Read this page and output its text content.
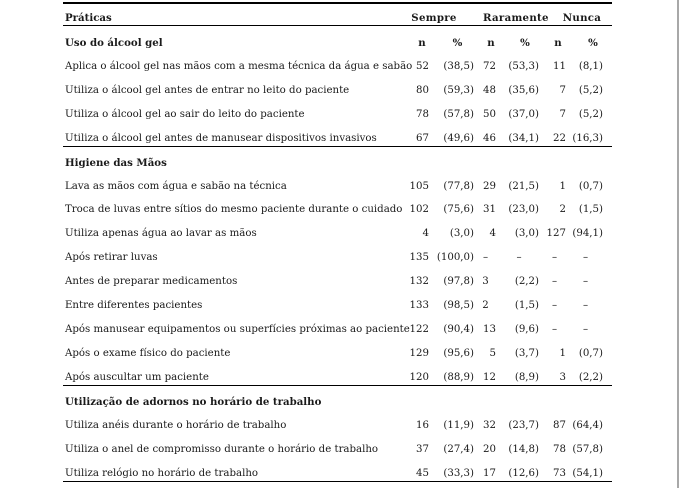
Práticas	Sempre	Raramente	Nunca
Uso do álcool gel	n	%	n	%	n	%
Aplica o álcool gel nas mãos com a mesma técnica da água e sabão 52	(38,5) 72	(53,3)	11	(8,1)
Utiliza o álcool gel antes de entrar no leito do paciente	80	(59,3) 48	(35,6)	7	(5,2)
Utiliza o álcool gel ao sair do leito do paciente	78	(57,8) 50	(37,0)	7	(5,2)
Utiliza o álcool gel antes de manusear dispositivos invasivos	67	(49,6) 46	(34,1)	22 (16,3)
Higiene das Mãos
Lava as mãos com água e sabão na técnica	105	(77,8) 29	(21,5)	1	(0,7)
Troca de luvas entre sítios do mesmo paciente durante o cuidado 102	(75,6) 31	(23,0)	2	(1,5)
Utiliza apenas água ao lavar as mãos	4	(3,0)	4	(3,0) 127 (94,1)
Após retirar luvas	135 (100,0) –	–	–	–
Antes de preparar medicamentos	132	(97,8) 3	(2,2)	–	–
Entre diferentes pacientes	133	(98,5) 2	(1,5)	–	–
Após manusear equipamentos ou superfícies próximas ao paciente 122	(90,4) 13	(9,6)	–	–
Após o exame físico do paciente	129	(95,6)	5	(3,7)	1	(0,7)
Após auscultar um paciente	120	(88,9) 12	(8,9)	3	(2,2)
Utilização de adornos no horário de trabalho
Utiliza anéis durante o horário de trabalho	16	(11,9) 32	(23,7)	87 (64,4)
Utiliza o anel de compromisso durante o horário de trabalho	37	(27,4) 20	(14,8)	78 (57,8)
Utiliza relógio no horário de trabalho	45	(33,3) 17	(12,6)	73 (54,1)
